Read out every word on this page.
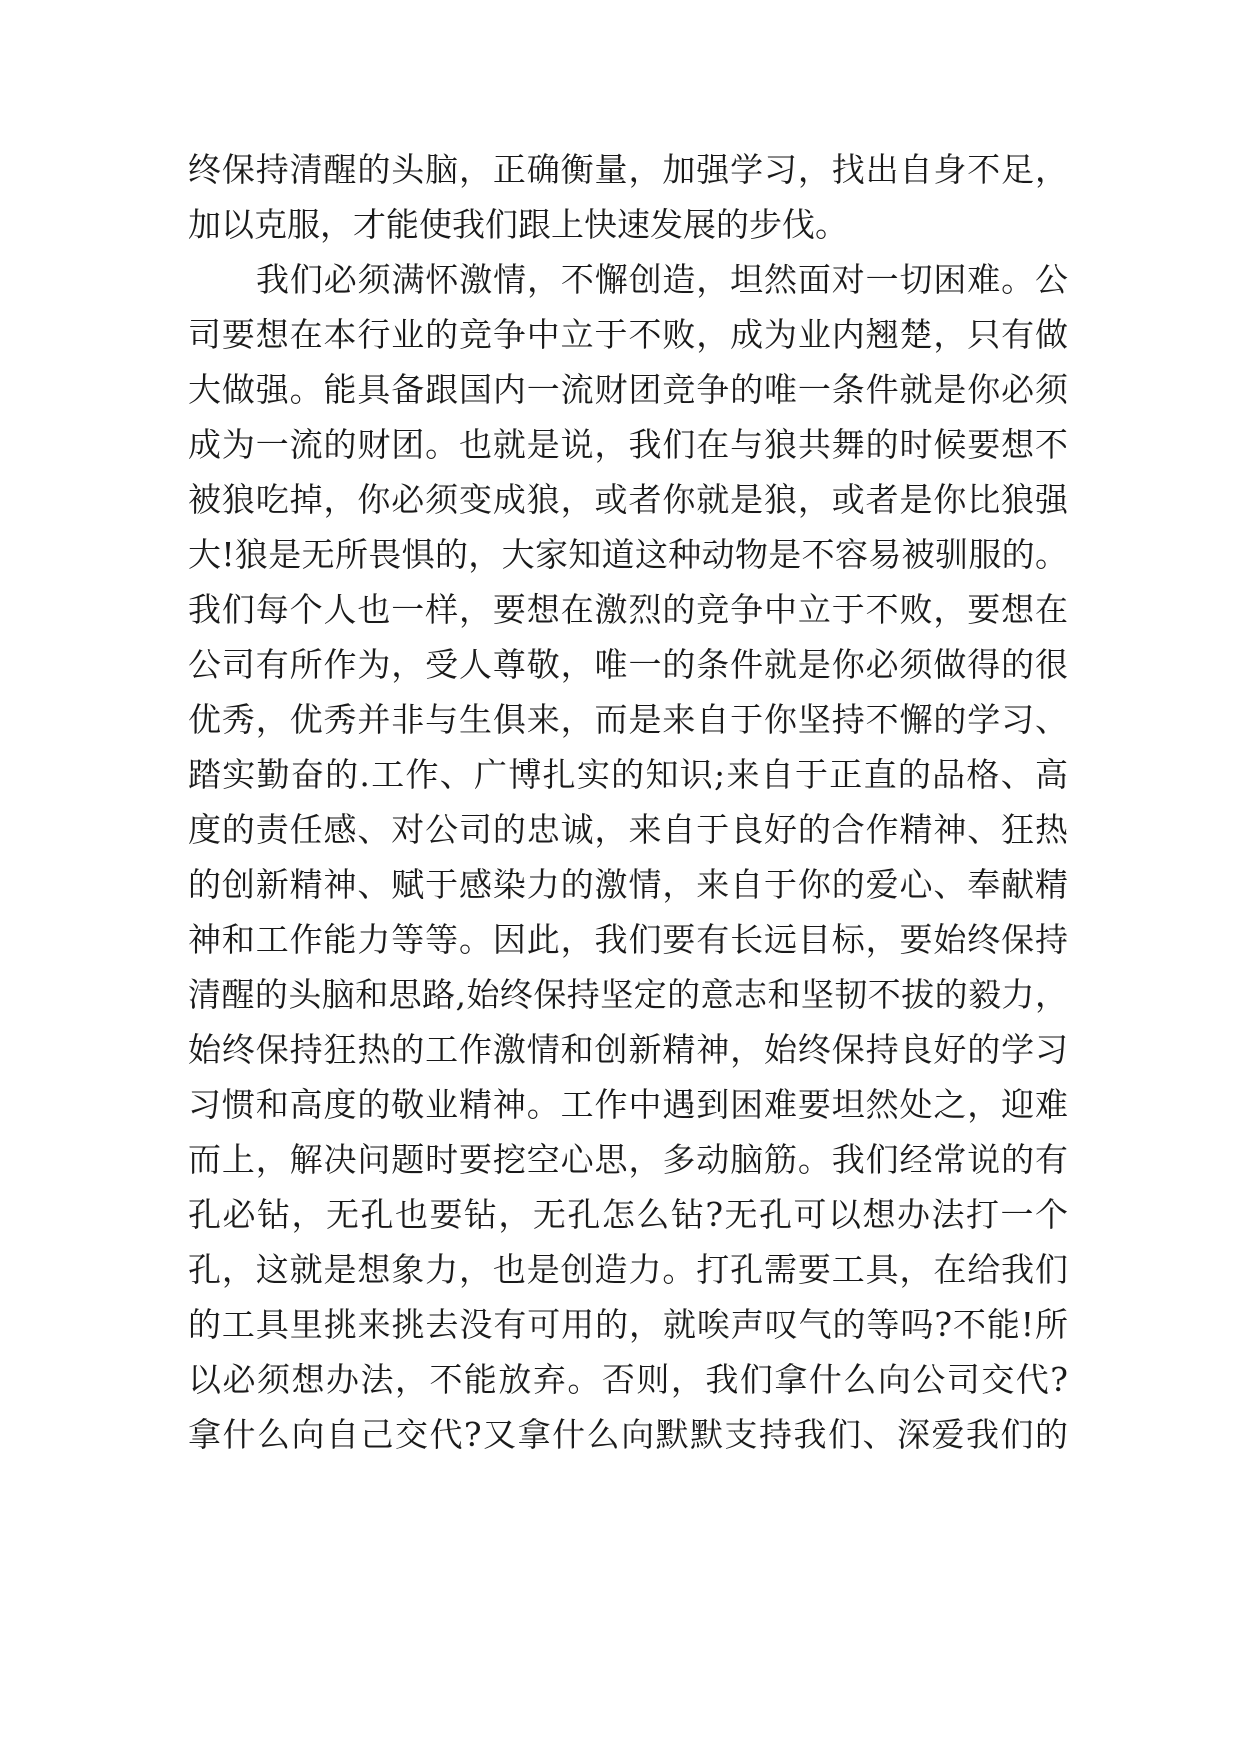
终保持清醒的头脑，正确衡量，加强学习，找出自身不足，
加以克服，才能使我们跟上快速发展的步伐。
我们必须满怀激情，不懈创造，坦然面对一切困难。公
司要想在本行业的竞争中立于不败，成为业内翘楚，只有做
大做强。能具备跟国内一流财团竞争的唯一条件就是你必须
成为一流的财团。也就是说，我们在与狼共舞的时候要想不
被狼吃掉，你必须变成狼，或者你就是狼，或者是你比狼强
大!狼是无所畏惧的，大家知道这种动物是不容易被驯服的。
我们每个人也一样，要想在激烈的竞争中立于不败，要想在
公司有所作为，受人尊敬，唯一的条件就是你必须做得的很
优秀，优秀并非与生俱来，而是来自于你坚持不懈的学习、
踏实勤奋的.工作、广博扎实的知识;来自于正直的品格、高
度的责任感、对公司的忠诚，来自于良好的合作精神、狂热
的创新精神、赋于感染力的激情，来自于你的爱心、奉献精
神和工作能力等等。因此，我们要有长远目标，要始终保持
清醒的头脑和思路,始终保持坚定的意志和坚韧不拔的毅力，
始终保持狂热的工作激情和创新精神，始终保持良好的学习
习惯和高度的敬业精神。工作中遇到困难要坦然处之，迎难
而上，解决问题时要挖空心思，多动脑筋。我们经常说的有
孔必钻，无孔也要钻，无孔怎么钻?无孔可以想办法打一个
孔，这就是想象力，也是创造力。打孔需要工具，在给我们
的工具里挑来挑去没有可用的，就唉声叹气的等吗?不能!所
以必须想办法，不能放弃。否则，我们拿什么向公司交代?
拿什么向自己交代?又拿什么向默默支持我们、深爱我们的
